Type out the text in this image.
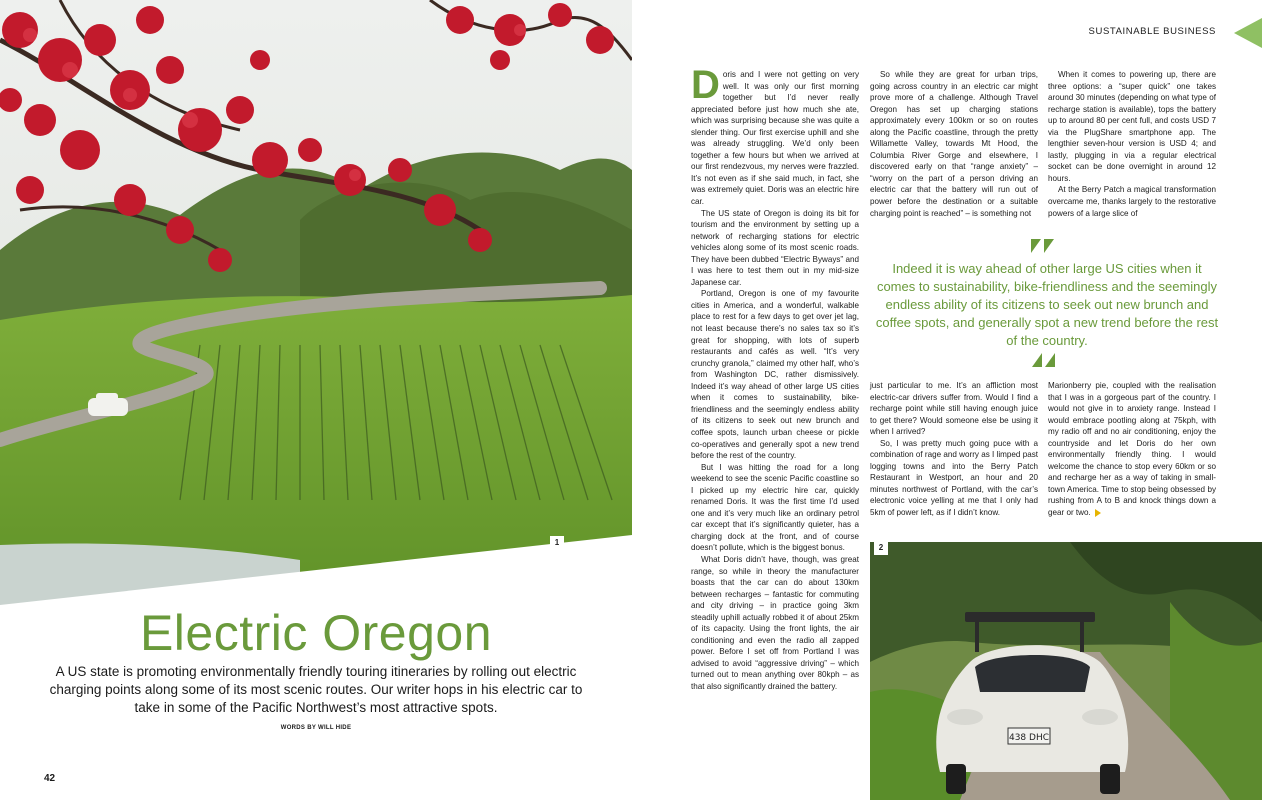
1
Electric Oregon
A US state is promoting environmentally friendly touring itineraries by rolling out electric charging points along some of its most scenic routes. Our writer hops in his electric car to take in some of the Pacific Northwest’s most attractive spots.
WORDS BY WILL HIDE
42
SUSTAINABLE BUSINESS

Doris and I were not getting on very well. It was only our first morning together but I’d never really appreciated before just how much she ate, which was surprising because she was quite a slender thing. Our first exercise uphill and she was already struggling. We’d only been together a few hours but when we arrived at our first rendezvous, my nerves were frazzled. It’s not even as if she said much, in fact, she was extremely quiet. Doris was an electric hire car.

The US state of Oregon is doing its bit for tourism and the environment by setting up a network of recharging stations for electric vehicles along some of its most scenic roads. They have been dubbed “Electric Byways” and I was here to test them out in my mid-size Japanese car.

Portland, Oregon is one of my favourite cities in America, and a wonderful, walkable place to rest for a few days to get over jet lag, not least because there’s no sales tax so it’s great for shopping, with lots of superb restaurants and cafés as well. “It’s very crunchy granola,” claimed my other half, who’s from Washington DC, rather dismissively. Indeed it’s way ahead of other large US cities when it comes to sustainability, bike-friendliness and the seemingly endless ability of its citizens to seek out new brunch and coffee spots, launch urban cheese or pickle co-operatives and generally spot a new trend before the rest of the country.

But I was hitting the road for a long weekend to see the scenic Pacific coastline so I picked up my electric hire car, quickly renamed Doris. It was the first time I’d used one and it’s very much like an ordinary petrol car except that it’s significantly quieter, has a charging dock at the front, and of course doesn’t pollute, which is the biggest bonus.

What Doris didn’t have, though, was great range, so while in theory the manufacturer boasts that the car can do about 130km between recharges – fantastic for commuting and city driving – in practice going 3km steadily uphill actually robbed it of about 25km of its capacity. Using the front lights, the air conditioning and even the radio all zapped power. Before I set off from Portland I was advised to avoid “aggressive driving” – which turned out to mean anything over 80kph – as that also significantly drained the battery.

So while they are great for urban trips, going across country in an electric car might prove more of a challenge. Although Travel Oregon has set up charging stations approximately every 100km or so on routes along the Pacific coastline, through the pretty Willamette Valley, towards Mt Hood, the Columbia River Gorge and elsewhere, I discovered early on that “range anxiety” – “worry on the part of a person driving an electric car that the battery will run out of power before the destination or a suitable charging point is reached” – is something not

When it comes to powering up, there are three options: a “super quick” one takes around 30 minutes (depending on what type of recharge station is available), tops the battery up to around 80 per cent full, and costs USD 7 via the PlugShare smartphone app. The lengthier seven-hour version is USD 4; and lastly, plugging in via a regular electrical socket can be done overnight in around 12 hours.

At the Berry Patch a magical transformation overcame me, thanks largely to the restorative powers of a large slice of

Indeed it is way ahead of other large US cities when it comes to sustainability, bike-friendliness and the seemingly endless ability of its citizens to seek out new brunch and coffee spots, and generally spot a new trend before the rest of the country.

just particular to me. It’s an affliction most electric-car drivers suffer from. Would I find a recharge point while still having enough juice to get there? Would someone else be using it when I arrived?

So, I was pretty much going puce with a combination of rage and worry as I limped past logging towns and into the Berry Patch Restaurant in Westport, an hour and 20 minutes northwest of Portland, with the car’s electronic voice yelling at me that I only had 5km of power left, as if I didn’t know.

Marionberry pie, coupled with the realisation that I was in a gorgeous part of the country. I would not give in to anxiety range. Instead I would embrace pootling along at 75kph, with my radio off and no air conditioning, enjoy the countryside and let Doris do her own environmentally friendly thing. I would welcome the chance to stop every 60km or so and recharge her as a way of taking in small-town America. Time to stop being obsessed by rushing from A to B and knock things down a gear or two.

438 DHC
2
